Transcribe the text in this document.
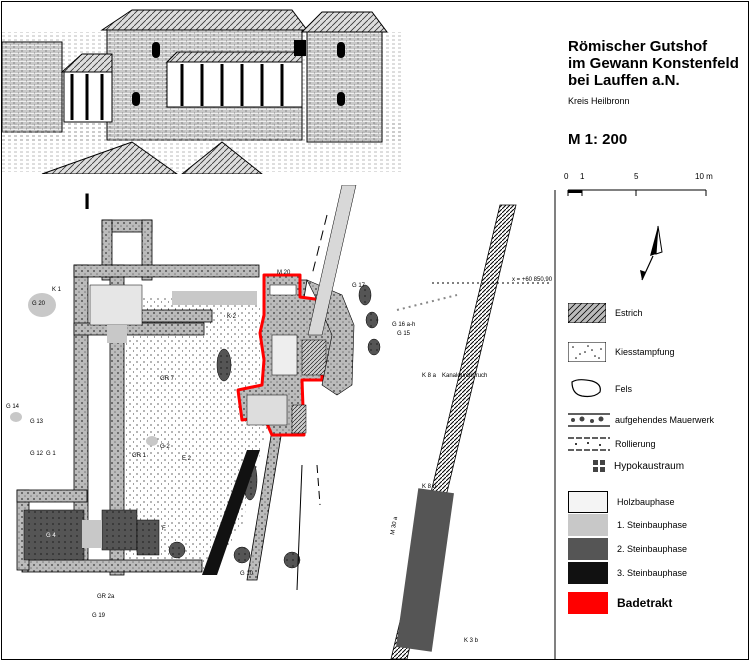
Römischer Gutshof
im Gewann Konstenfeld
bei Lauffen a.N.
Kreis Heilbronn
M 1: 200
0 1	5	10 m
Estrich
Kiesstampfung
Fels
aufgehendes Mauerwerk
Rollierung
Hypokaustraum
Holzbauphase
1. Steinbauphase
2. Steinbauphase
3. Steinbauphase
Badetrakt
I
K 1
K 2
G 20
G 14
G 13
G 12 G 1
GR 7
G 2
GR 1	E 2
G 4
F
G 10
GR 2a
G 19
M 20
G 15
G 16 a-h
G 17
K 8 a Kanaldurchbruch
K 8 b
M 30 a
K 3 b
x = +60 850,90
